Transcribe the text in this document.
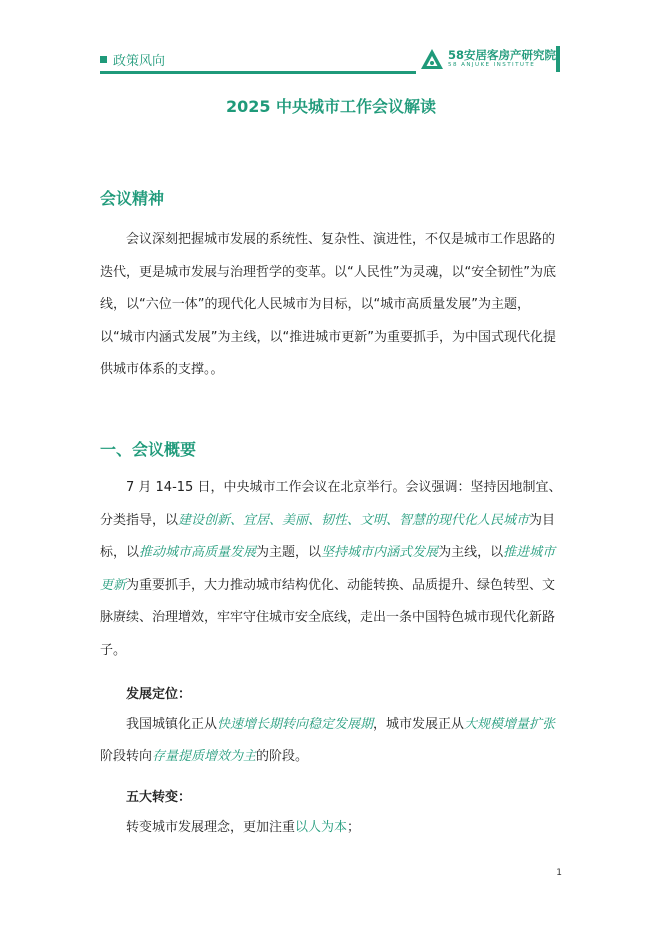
政策风向	58安居客房产研究院
58 ANJUKE INSTITUTE
2025 中央城市工作会议解读
会议精神
会议深刻把握城市发展的系统性、复杂性、演进性，不仅是城市工作思路的迭代，更是城市发展与治理哲学的变革。以“人民性”为灵魂，以“安全韧性”为底线，以“六位一体”的现代化人民城市为目标，以“城市高质量发展”为主题，以“城市内涵式发展”为主线，以“推进城市更新”为重要抓手，为中国式现代化提供城市体系的支撑。。
一、会议概要
7 月 14-15 日，中央城市工作会议在北京举行。会议强调：坚持因地制宜、分类指导，以建设创新、宜居、美丽、韧性、文明、智慧的现代化人民城市为目标，以推动城市高质量发展为主题，以坚持城市内涵式发展为主线，以推进城市更新为重要抓手，大力推动城市结构优化、动能转换、品质提升、绿色转型、文脉赓续、治理增效，牢牢守住城市安全底线，走出一条中国特色城市现代化新路子。
发展定位：
我国城镇化正从快速增长期转向稳定发展期，城市发展正从大规模增量扩张
阶段转向存量提质增效为主的阶段。
五大转变：
转变城市发展理念，更加注重以人为本；
1
